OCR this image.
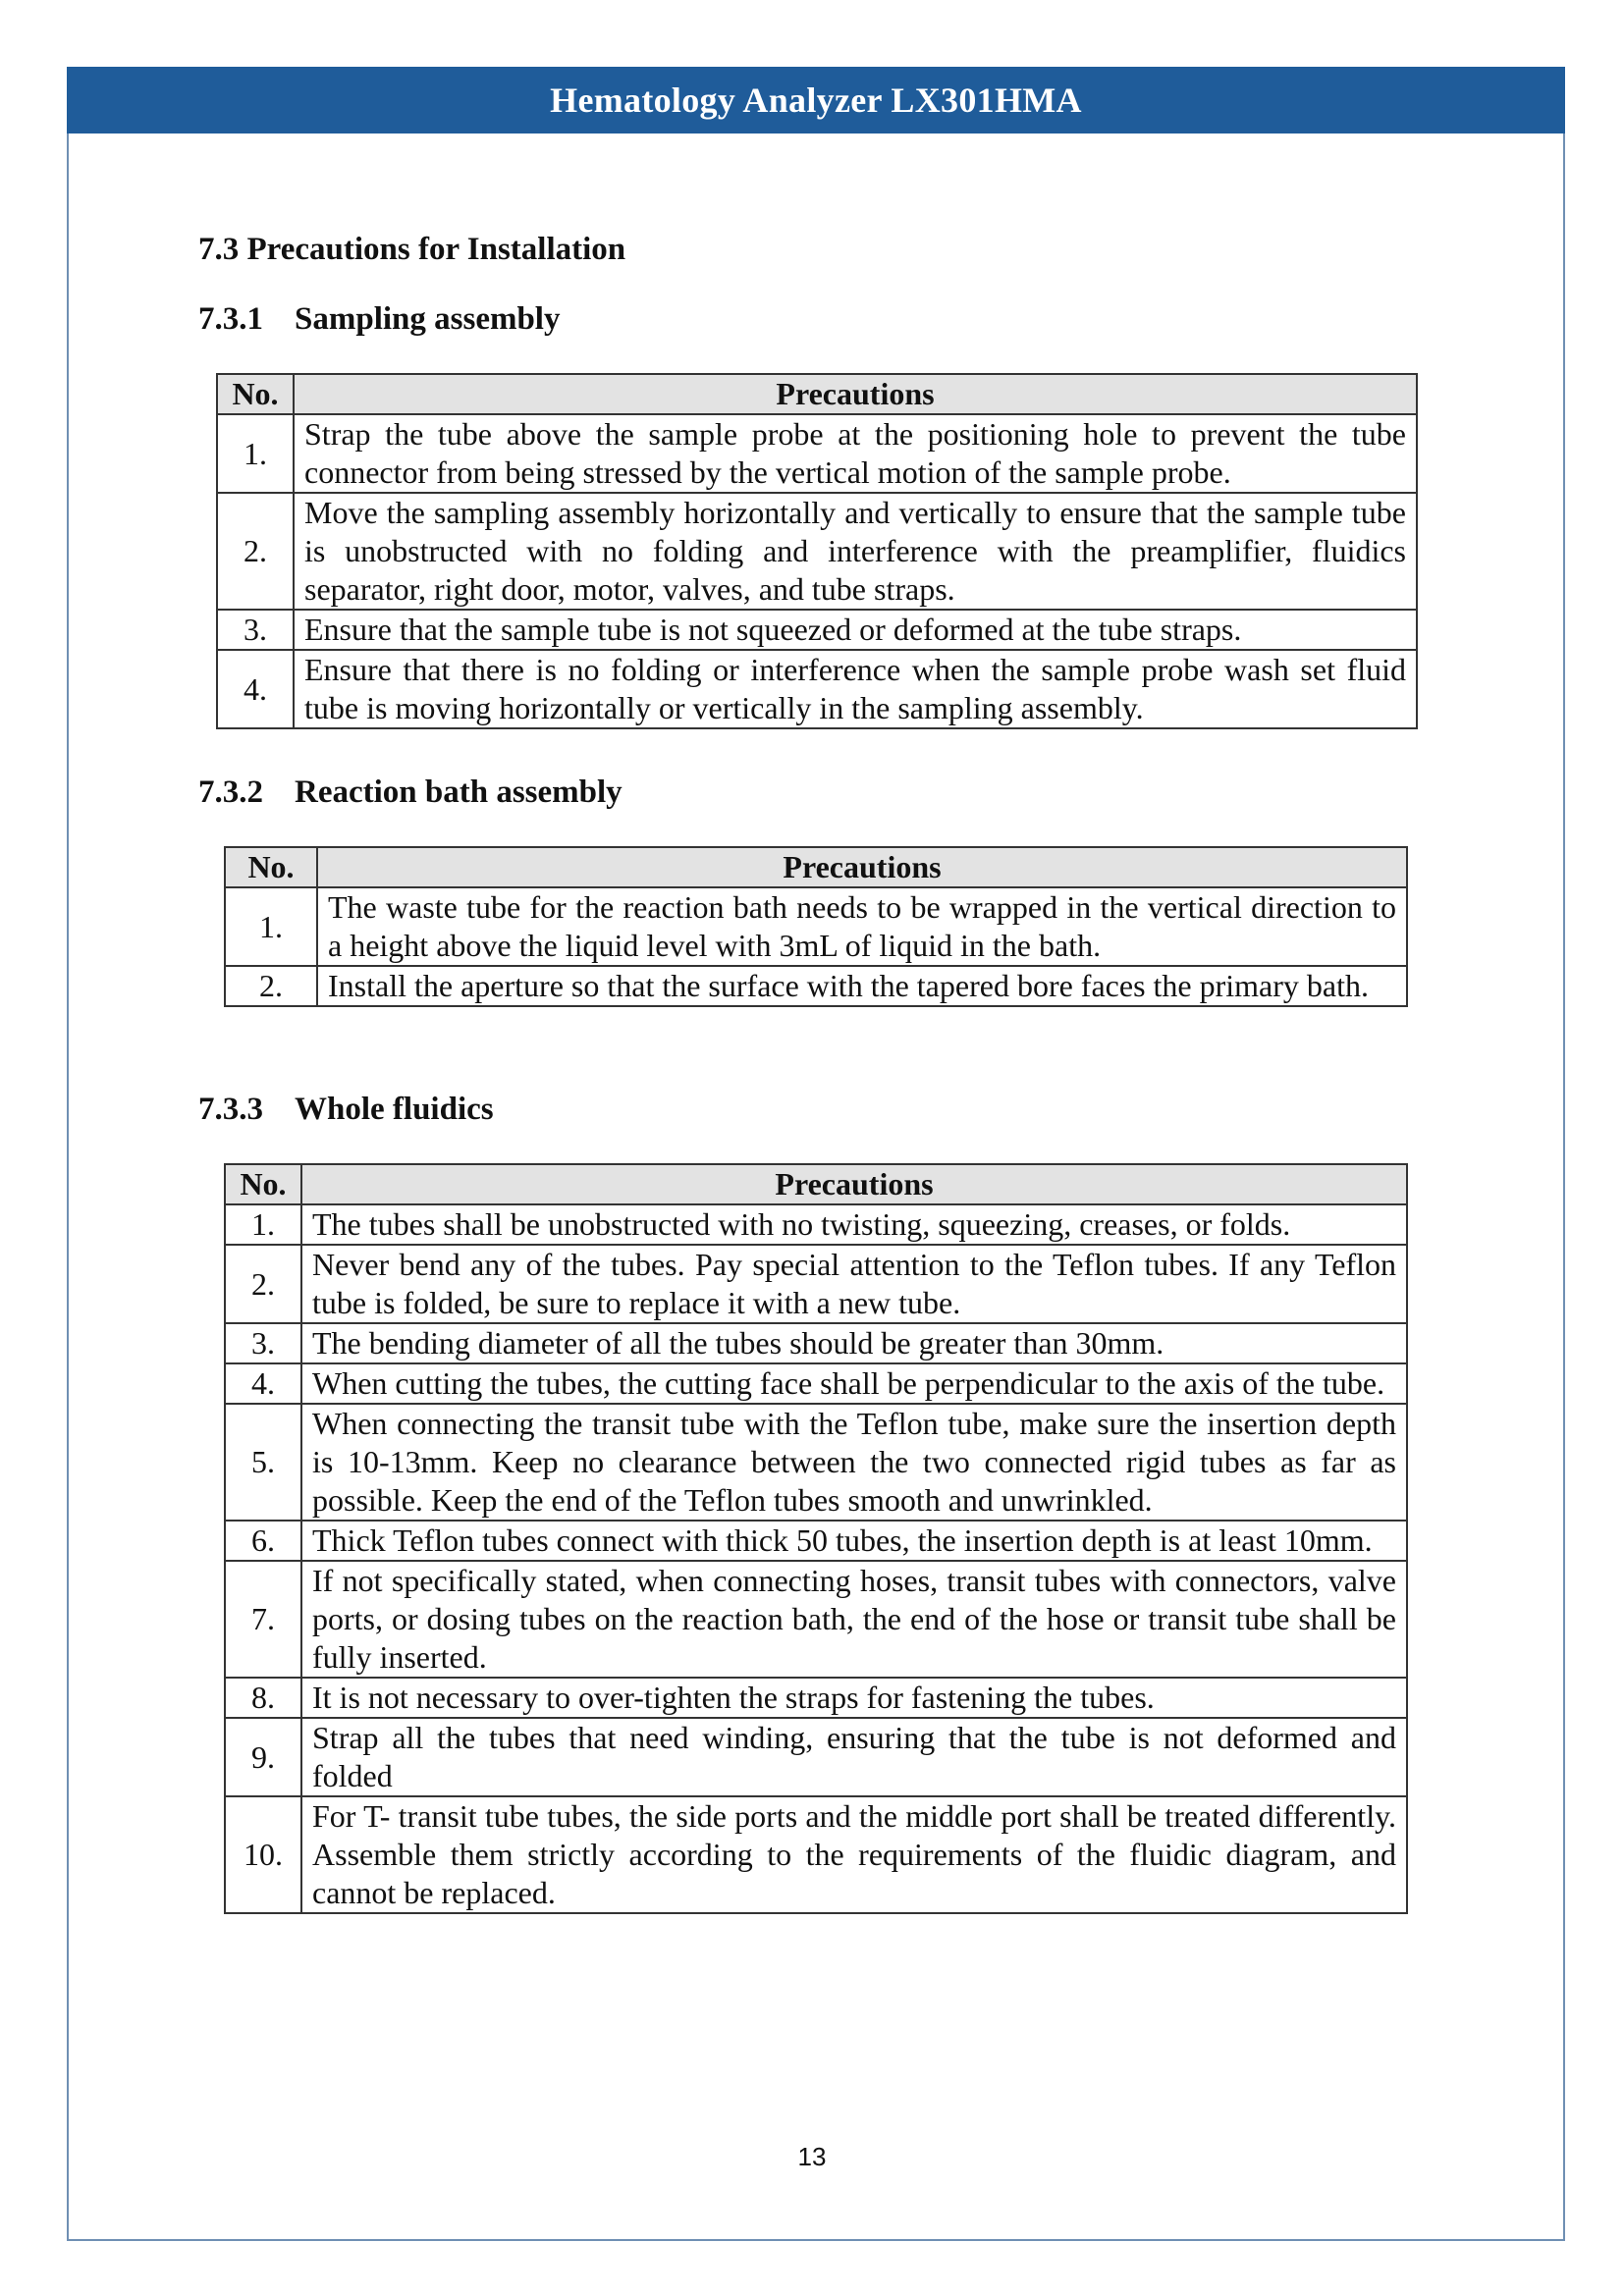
Hematology Analyzer LX301HMA
7.3 Precautions for Installation
7.3.1 Sampling assembly
No.	Precautions
1.	Strap the tube above the sample probe at the positioning hole to prevent the tube connector from being stressed by the vertical motion of the sample probe.
2.	Move the sampling assembly horizontally and vertically to ensure that the sample tube is unobstructed with no folding and interference with the preamplifier, fluidics separator, right door, motor, valves, and tube straps.
3.	Ensure that the sample tube is not squeezed or deformed at the tube straps.
4.	Ensure that there is no folding or interference when the sample probe wash set fluid tube is moving horizontally or vertically in the sampling assembly.
7.3.2 Reaction bath assembly
No.	Precautions
1.	The waste tube for the reaction bath needs to be wrapped in the vertical direction to a height above the liquid level with 3mL of liquid in the bath.
2.	Install the aperture so that the surface with the tapered bore faces the primary bath.
7.3.3 Whole fluidics
No.	Precautions
1.	The tubes shall be unobstructed with no twisting, squeezing, creases, or folds.
2.	Never bend any of the tubes. Pay special attention to the Teflon tubes. If any Teflon tube is folded, be sure to replace it with a new tube.
3.	The bending diameter of all the tubes should be greater than 30mm.
4.	When cutting the tubes, the cutting face shall be perpendicular to the axis of the tube.
5.	When connecting the transit tube with the Teflon tube, make sure the insertion depth is 10-13mm. Keep no clearance between the two connected rigid tubes as far as possible. Keep the end of the Teflon tubes smooth and unwrinkled.
6.	Thick Teflon tubes connect with thick 50 tubes, the insertion depth is at least 10mm.
7.	If not specifically stated, when connecting hoses, transit tubes with connectors, valve ports, or dosing tubes on the reaction bath, the end of the hose or transit tube shall be fully inserted.
8.	It is not necessary to over-tighten the straps for fastening the tubes.
9.	Strap all the tubes that need winding, ensuring that the tube is not deformed and folded
10.	For T- transit tube tubes, the side ports and the middle port shall be treated differently. Assemble them strictly according to the requirements of the fluidic diagram, and cannot be replaced.
13
